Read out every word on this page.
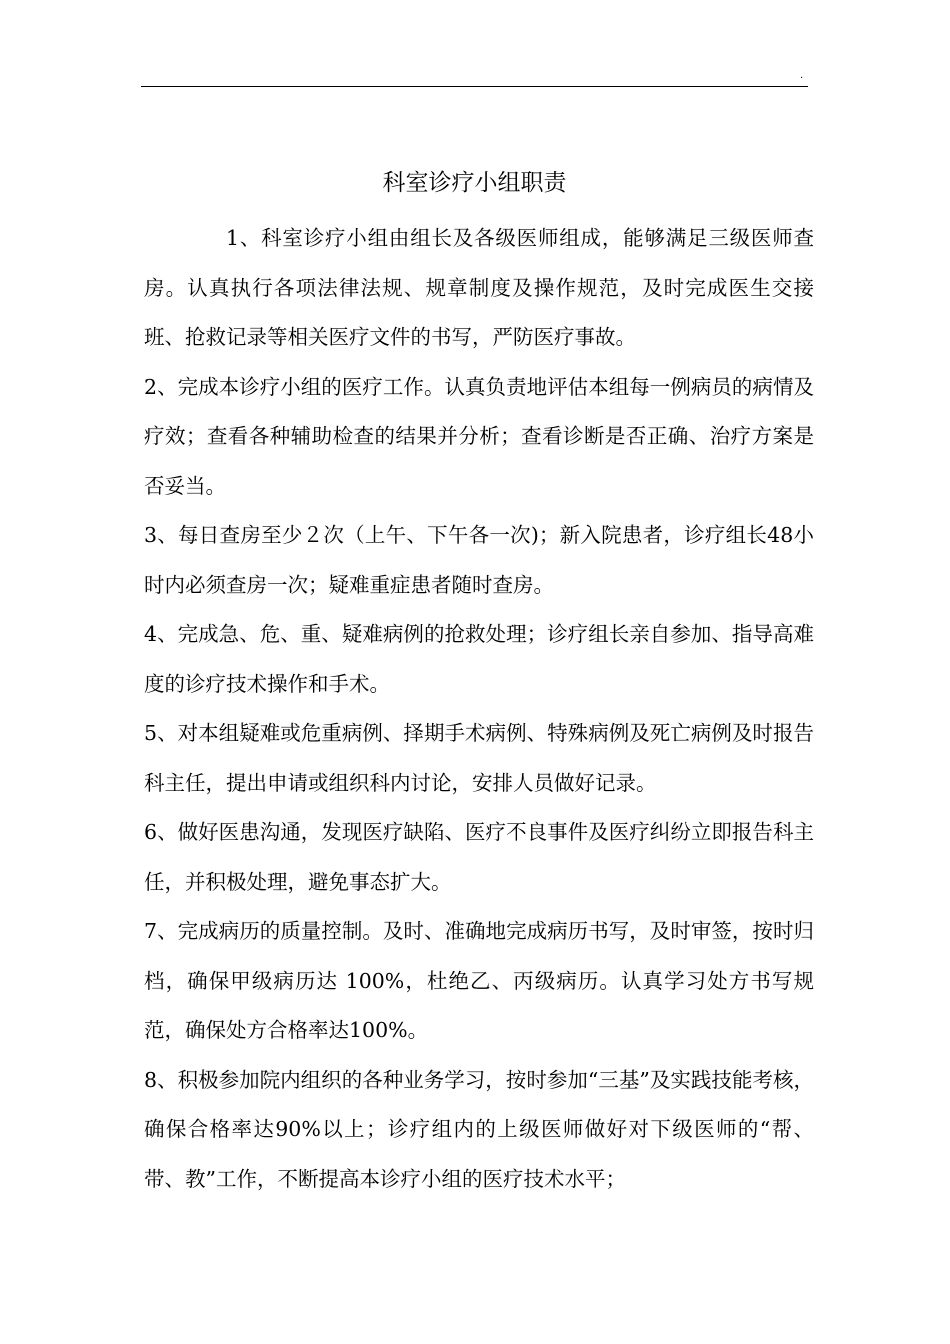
.
科室诊疗小组职责

1、科室诊疗小组由组长及各级医师组成，能够满足三级医师查房。认真执行各项法律法规、规章制度及操作规范，及时完成医生交接班、抢救记录等相关医疗文件的书写，严防医疗事故。

2、完成本诊疗小组的医疗工作。认真负责地评估本组每一例病员的病情及疗效；查看各种辅助检查的结果并分析；查看诊断是否正确、治疗方案是否妥当。

3、每日查房至少２次（上午、下午各一次)；新入院患者，诊疗组长48小时内必须查房一次；疑难重症患者随时查房。

4、完成急、危、重、疑难病例的抢救处理；诊疗组长亲自参加、指导高难度的诊疗技术操作和手术。

5、对本组疑难或危重病例、择期手术病例、特殊病例及死亡病例及时报告科主任，提出申请或组织科内讨论，安排人员做好记录。

6、做好医患沟通，发现医疗缺陷、医疗不良事件及医疗纠纷立即报告科主任，并积极处理，避免事态扩大。

7、完成病历的质量控制。及时、准确地完成病历书写，及时审签，按时归档，确保甲级病历达 100%，杜绝乙、丙级病历。认真学习处方书写规范，确保处方合格率达100%。

8、积极参加院内组织的各种业务学习，按时参加“三基”及实践技能考核，确保合格率达90%以上；诊疗组内的上级医师做好对下级医师的“帮、带、教”工作，不断提高本诊疗小组的医疗技术水平；
